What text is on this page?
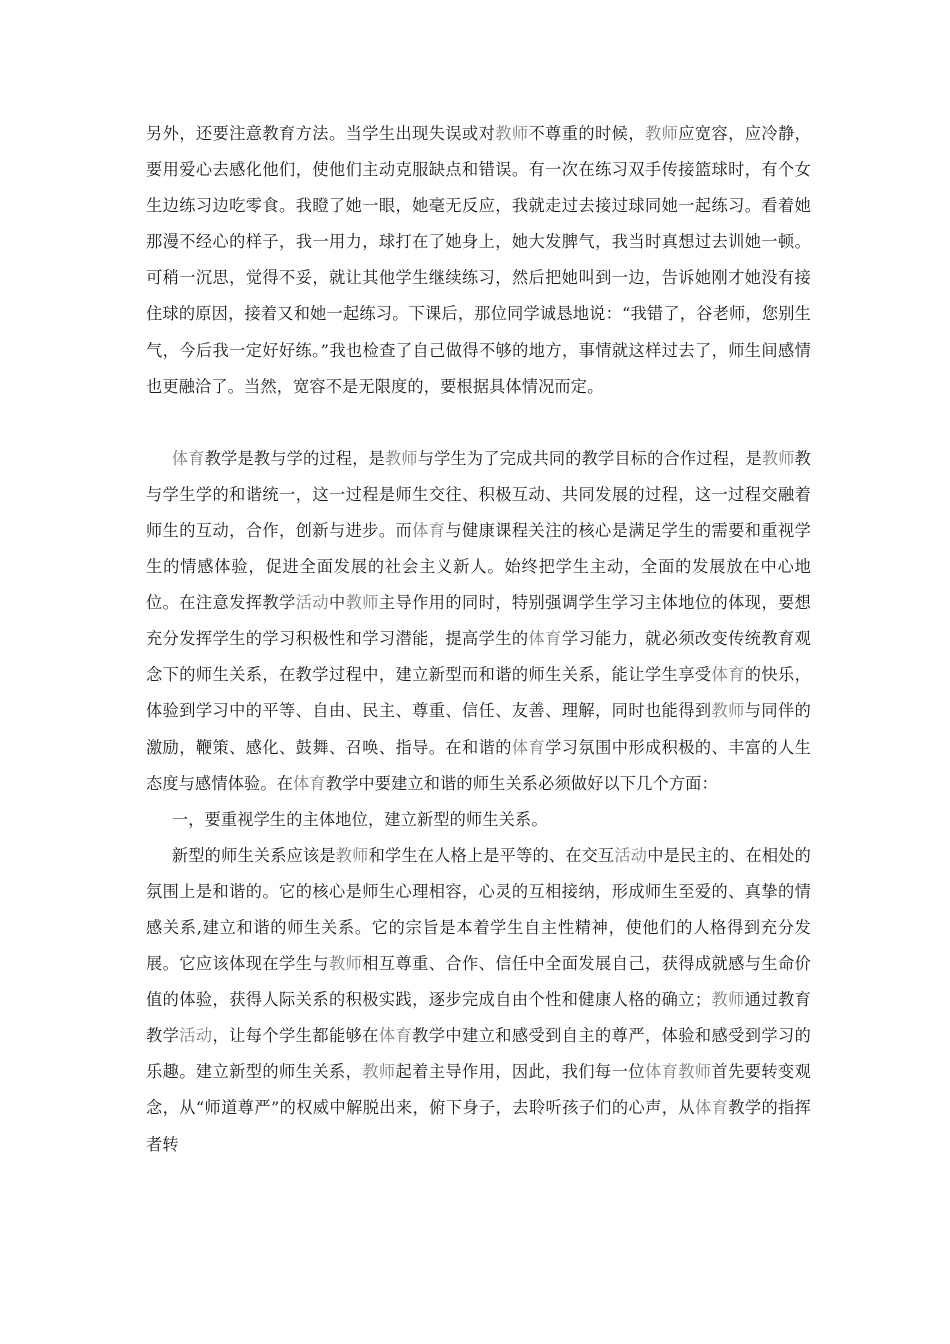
另外，还要注意教育方法。当学生出现失误或对教师不尊重的时候，教师应宽容，应冷静，要用爱心去感化他们，使他们主动克服缺点和错误。有一次在练习双手传接篮球时，有个女生边练习边吃零食。我瞪了她一眼，她毫无反应，我就走过去接过球同她一起练习。看着她那漫不经心的样子，我一用力，球打在了她身上，她大发脾气，我当时真想过去训她一顿。可稍一沉思，觉得不妥，就让其他学生继续练习，然后把她叫到一边，告诉她刚才她没有接住球的原因，接着又和她一起练习。下课后，那位同学诚恳地说：“我错了，谷老师，您别生气，今后我一定好好练。”我也检查了自己做得不够的地方，事情就这样过去了，师生间感情也更融洽了。当然，宽容不是无限度的，要根据具体情况而定。

体育教学是教与学的过程，是教师与学生为了完成共同的教学目标的合作过程，是教师教与学生学的和谐统一，这一过程是师生交往、积极互动、共同发展的过程，这一过程交融着师生的互动，合作，创新与进步。而体育与健康课程关注的核心是满足学生的需要和重视学生的情感体验，促进全面发展的社会主义新人。始终把学生主动，全面的发展放在中心地位。在注意发挥教学活动中教师主导作用的同时，特别强调学生学习主体地位的体现，要想充分发挥学生的学习积极性和学习潜能，提高学生的体育学习能力，就必须改变传统教育观念下的师生关系，在教学过程中，建立新型而和谐的师生关系，能让学生享受体育的快乐，体验到学习中的平等、自由、民主、尊重、信任、友善、理解，同时也能得到教师与同伴的激励，鞭策、感化、鼓舞、召唤、指导。在和谐的体育学习氛围中形成积极的、丰富的人生态度与感情体验。在体育教学中要建立和谐的师生关系必须做好以下几个方面：

一，要重视学生的主体地位，建立新型的师生关系。

新型的师生关系应该是教师和学生在人格上是平等的、在交互活动中是民主的、在相处的氛围上是和谐的。它的核心是师生心理相容，心灵的互相接纳，形成师生至爱的、真挚的情感关系,建立和谐的师生关系。它的宗旨是本着学生自主性精神，使他们的人格得到充分发展。它应该体现在学生与教师相互尊重、合作、信任中全面发展自己，获得成就感与生命价值的体验，获得人际关系的积极实践，逐步完成自由个性和健康人格的确立；教师通过教育教学活动，让每个学生都能够在体育教学中建立和感受到自主的尊严，体验和感受到学习的乐趣。建立新型的师生关系，教师起着主导作用，因此，我们每一位体育教师首先要转变观念，从“师道尊严”的权威中解脱出来，俯下身子，去聆听孩子们的心声，从体育教学的指挥者转
